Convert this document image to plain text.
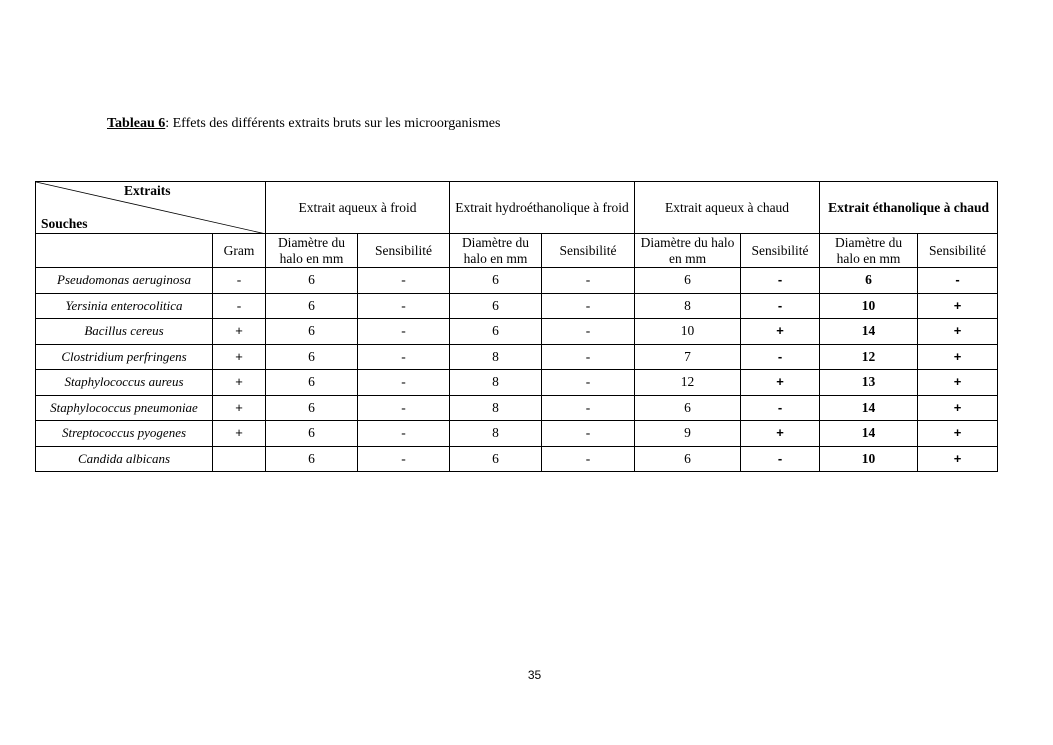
Tableau 6: Effets des différents extraits bruts sur les microorganismes
Extraits
Souches		Extrait aqueux à froid		Extrait hydroéthanolique à froid		Extrait aqueux à chaud		Extrait éthanolique à chaud	
	Gram	Diamètre du halo en mm	Sensibilité	Diamètre du halo en mm	Sensibilité	Diamètre du halo en mm	Sensibilité	Diamètre du halo en mm	Sensibilité
Pseudomonas aeruginosa	-	6	-	6	-	6	-	6	-
Yersinia enterocolitica	-	6	-	6	-	8	-	10	+
Bacillus cereus	+	6	-	6	-	10	+	14	+
Clostridium perfringens	+	6	-	8	-	7	-	12	+
Staphylococcus aureus	+	6	-	8	-	12	+	13	+
Staphylococcus pneumoniae	+	6	-	8	-	6	-	14	+
Streptococcus pyogenes	+	6	-	8	-	9	+	14	+
Candida albicans		6	-	6	-	6	-	10	+
35
